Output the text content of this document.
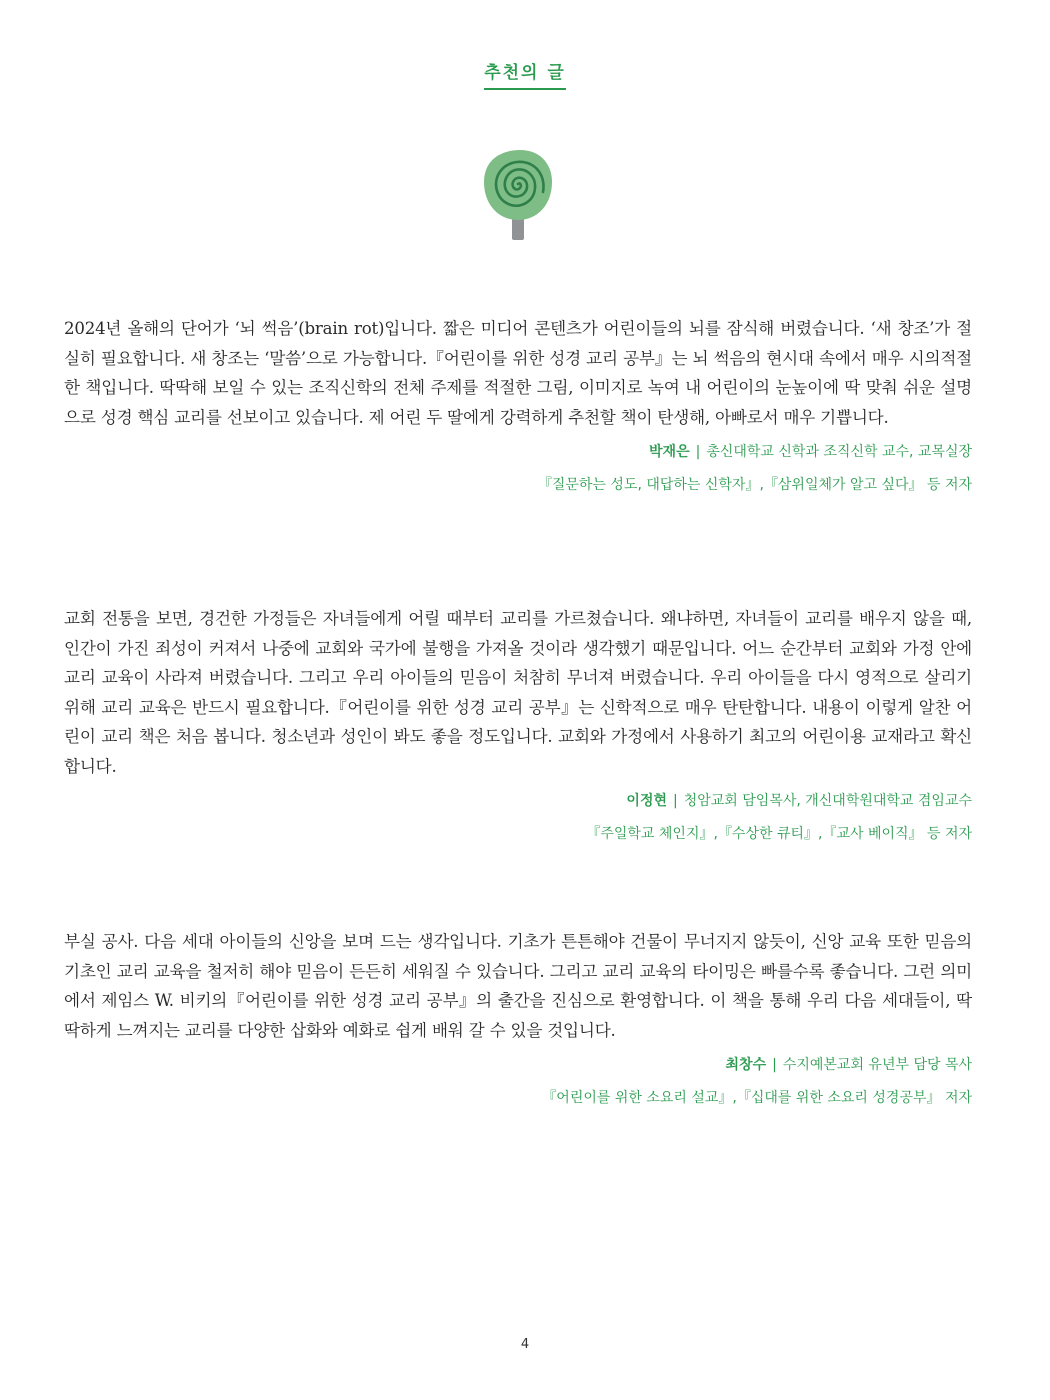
추천의 글

2024년 올해의 단어가 ‘뇌 썩음’(brain rot)입니다. 짧은 미디어 콘텐츠가 어린이들의 뇌를 잠식해 버렸습니다. ‘새 창조’가 절실히 필요합니다. 새 창조는 ‘말씀’으로 가능합니다.『어린이를 위한 성경 교리 공부』는 뇌 썩음의 현시대 속에서 매우 시의적절한 책입니다. 딱딱해 보일 수 있는 조직신학의 전체 주제를 적절한 그림, 이미지로 녹여 내 어린이의 눈높이에 딱 맞춰 쉬운 설명으로 성경 핵심 교리를 선보이고 있습니다. 제 어린 두 딸에게 강력하게 추천할 책이 탄생해, 아빠로서 매우 기쁩니다.

박재은 | 총신대학교 신학과 조직신학 교수, 교목실장
『질문하는 성도, 대답하는 신학자』,『삼위일체가 알고 싶다』 등 저자

교회 전통을 보면, 경건한 가정들은 자녀들에게 어릴 때부터 교리를 가르쳤습니다. 왜냐하면, 자녀들이 교리를 배우지 않을 때, 인간이 가진 죄성이 커져서 나중에 교회와 국가에 불행을 가져올 것이라 생각했기 때문입니다. 어느 순간부터 교회와 가정 안에 교리 교육이 사라져 버렸습니다. 그리고 우리 아이들의 믿음이 처참히 무너져 버렸습니다. 우리 아이들을 다시 영적으로 살리기 위해 교리 교육은 반드시 필요합니다.『어린이를 위한 성경 교리 공부』는 신학적으로 매우 탄탄합니다. 내용이 이렇게 알찬 어린이 교리 책은 처음 봅니다. 청소년과 성인이 봐도 좋을 정도입니다. 교회와 가정에서 사용하기 최고의 어린이용 교재라고 확신합니다.

이정현 | 청암교회 담임목사, 개신대학원대학교 겸임교수
『주일학교 체인지』,『수상한 큐티』,『교사 베이직』 등 저자

부실 공사. 다음 세대 아이들의 신앙을 보며 드는 생각입니다. 기초가 튼튼해야 건물이 무너지지 않듯이, 신앙 교육 또한 믿음의 기초인 교리 교육을 철저히 해야 믿음이 든든히 세워질 수 있습니다. 그리고 교리 교육의 타이밍은 빠를수록 좋습니다. 그런 의미에서 제임스 W. 비키의『어린이를 위한 성경 교리 공부』의 출간을 진심으로 환영합니다. 이 책을 통해 우리 다음 세대들이, 딱딱하게 느껴지는 교리를 다양한 삽화와 예화로 쉽게 배워 갈 수 있을 것입니다.

최창수 | 수지예본교회 유년부 담당 목사
『어린이를 위한 소요리 설교』,『십대를 위한 소요리 성경공부』 저자
4
